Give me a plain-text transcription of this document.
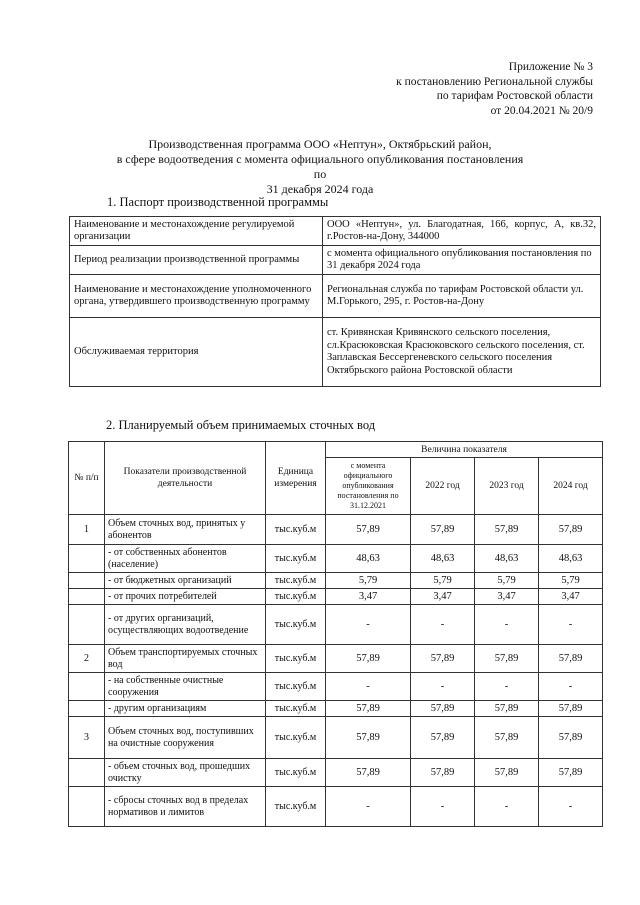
Приложение № 3
к постановлению Региональной службы
по тарифам Ростовской области
от 20.04.2021 № 20/9
Производственная программа ООО «Нептун», Октябрьский район,
в сфере водоотведения с момента официального опубликования постановления по
31 декабря 2024 года
1. Паспорт производственной программы
Наименование и местонахождение регулируемой организации	ООО «Нептун», ул. Благодатная, 166, корпус, А, кв.32, г.Ростов-на-Дону, 344000
Период реализации производственной программы	с момента официального опубликования постановления по 31 декабря 2024 года
Наименование и местонахождение уполномоченного органа, утвердившего производственную программу	Региональная служба по тарифам Ростовской области ул. М.Горького, 295, г. Ростов-на-Дону
Обслуживаемая территория	ст. Кривянская Кривянского сельского поселения, сл.Красюковская Красюковского сельского поселения, ст. Заплавская Бессергеневского сельского поселения Октябрьского района Ростовской области
2. Планируемый объем принимаемых сточных вод
№ п/п	Показатели производственной деятельности	Единица измерения	Величина показателя			
			с момента официального опубликования постановления по 31.12.2021	2022 год	2023 год	2024 год
1	Объем сточных вод, принятых у абонентов	тыс.куб.м	57,89	57,89	57,89	57,89
	- от собственных абонентов (население)	тыс.куб.м	48,63	48,63	48,63	48,63
	- от бюджетных организаций	тыс.куб.м	5,79	5,79	5,79	5,79
	- от прочих потребителей	тыс.куб.м	3,47	3,47	3,47	3,47
	- от других организаций, осуществляющих водоотведение	тыс.куб.м	-	-	-	-
2	Объем транспортируемых сточных вод	тыс.куб.м	57,89	57,89	57,89	57,89
	- на собственные очистные сооружения	тыс.куб.м	-	-	-	-
	- другим организациям	тыс.куб.м	57,89	57,89	57,89	57,89
3	Объем сточных вод, поступивших на очистные сооружения	тыс.куб.м	57,89	57,89	57,89	57,89
	- объем сточных вод, прошедших очистку	тыс.куб.м	57,89	57,89	57,89	57,89
	- сбросы сточных вод в пределах нормативов и лимитов	тыс.куб.м	-	-	-	-
